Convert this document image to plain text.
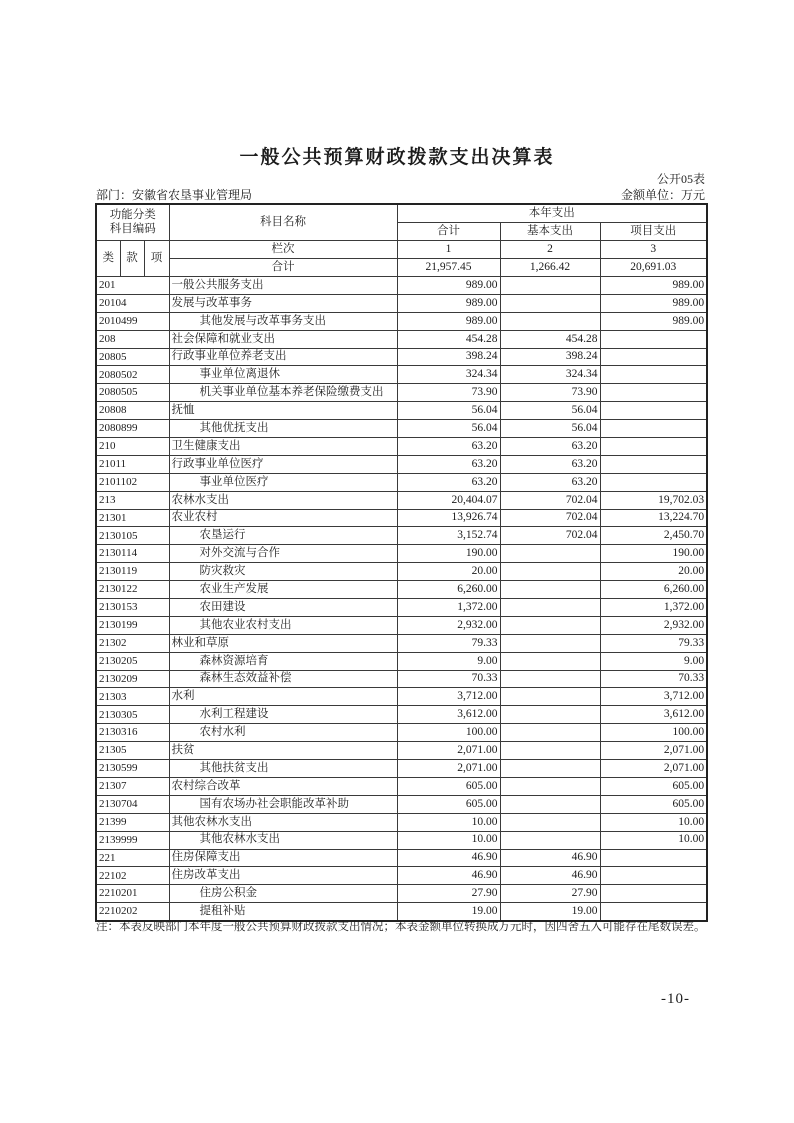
一般公共预算财政拨款支出决算表
公开05表
部门：安徽省农垦事业管理局	金额单位：万元
功能分类
科目编码			科目名称	本年支出		
				合计	基本支出	项目支出
类	款	项	栏次	1	2	3
			合计	21,957.45	1,266.42	20,691.03
201			一般公共服务支出	989.00		989.00
20104			发展与改革事务	989.00		989.00
2010499			其他发展与改革事务支出	989.00		989.00
208			社会保障和就业支出	454.28	454.28	
20805			行政事业单位养老支出	398.24	398.24	
2080502			事业单位离退休	324.34	324.34	
2080505			机关事业单位基本养老保险缴费支出	73.90	73.90	
20808			抚恤	56.04	56.04	
2080899			其他优抚支出	56.04	56.04	
210			卫生健康支出	63.20	63.20	
21011			行政事业单位医疗	63.20	63.20	
2101102			事业单位医疗	63.20	63.20	
213			农林水支出	20,404.07	702.04	19,702.03
21301			农业农村	13,926.74	702.04	13,224.70
2130105			农垦运行	3,152.74	702.04	2,450.70
2130114			对外交流与合作	190.00		190.00
2130119			防灾救灾	20.00		20.00
2130122			农业生产发展	6,260.00		6,260.00
2130153			农田建设	1,372.00		1,372.00
2130199			其他农业农村支出	2,932.00		2,932.00
21302			林业和草原	79.33		79.33
2130205			森林资源培育	9.00		9.00
2130209			森林生态效益补偿	70.33		70.33
21303			水利	3,712.00		3,712.00
2130305			水利工程建设	3,612.00		3,612.00
2130316			农村水利	100.00		100.00
21305			扶贫	2,071.00		2,071.00
2130599			其他扶贫支出	2,071.00		2,071.00
21307			农村综合改革	605.00		605.00
2130704			国有农场办社会职能改革补助	605.00		605.00
21399			其他农林水支出	10.00		10.00
2139999			其他农林水支出	10.00		10.00
221			住房保障支出	46.90	46.90	
22102			住房改革支出	46.90	46.90	
2210201			住房公积金	27.90	27.90	
2210202			提租补贴	19.00	19.00	
注：本表反映部门本年度一般公共预算财政拨款支出情况；本表金额单位转换成万元时，因四舍五入可能存在尾数误差。
-10-
